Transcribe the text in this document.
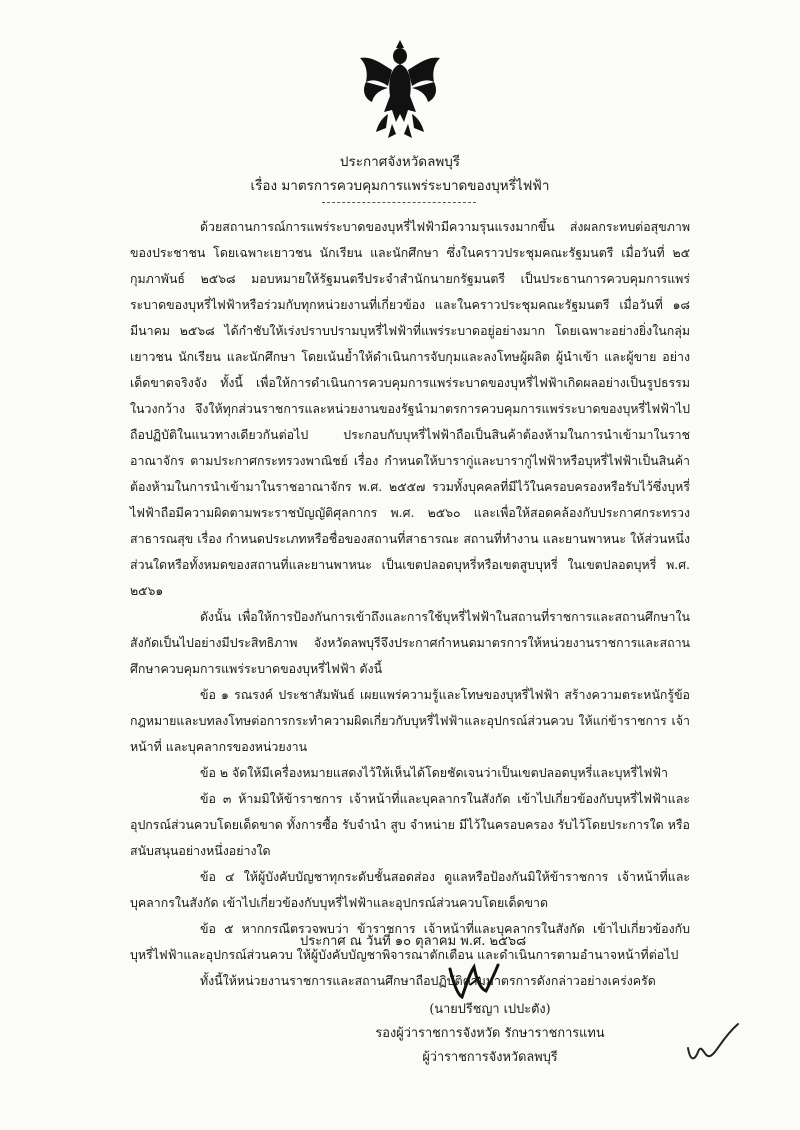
ประกาศจังหวัดลพบุรี
เรื่อง มาตรการควบคุมการแพร่ระบาดของบุหรี่ไฟฟ้า

ด้วยสถานการณ์การแพร่ระบาดของบุหรี่ไฟฟ้ามีความรุนแรงมากขึ้น ส่งผลกระทบต่อสุขภาพของประชาชน โดยเฉพาะเยาวชน นักเรียน และนักศึกษา ซึ่งในคราวประชุมคณะรัฐมนตรี เมื่อวันที่ ๒๕ กุมภาพันธ์ ๒๕๖๘ มอบหมายให้รัฐมนตรีประจำสำนักนายกรัฐมนตรี เป็นประธานการควบคุมการแพร่ระบาดของบุหรี่ไฟฟ้าหรือร่วมกับทุกหน่วยงานที่เกี่ยวข้อง และในคราวประชุมคณะรัฐมนตรี เมื่อวันที่ ๑๘ มีนาคม ๒๕๖๘ ได้กำชับให้เร่งปราบปรามบุหรี่ไฟฟ้าที่แพร่ระบาดอยู่อย่างมาก โดยเฉพาะอย่างยิ่งในกลุ่มเยาวชน นักเรียน และนักศึกษา โดยเน้นย้ำให้ดำเนินการจับกุมและลงโทษผู้ผลิต ผู้นำเข้า และผู้ขาย อย่างเด็ดขาดจริงจัง ทั้งนี้ เพื่อให้การดำเนินการควบคุมการแพร่ระบาดของบุหรี่ไฟฟ้าเกิดผลอย่างเป็นรูปธรรม ในวงกว้าง จึงให้ทุกส่วนราชการและหน่วยงานของรัฐนำมาตรการควบคุมการแพร่ระบาดของบุหรี่ไฟฟ้าไปถือปฏิบัติในแนวทางเดียวกันต่อไป ประกอบกับบุหรี่ไฟฟ้าถือเป็นสินค้าต้องห้ามในการนำเข้ามาในราชอาณาจักร ตามประกาศกระทรวงพาณิชย์ เรื่อง กำหนดให้บารากู่และบารากู่ไฟฟ้าหรือบุหรี่ไฟฟ้าเป็นสินค้าต้องห้ามในการนำเข้ามาในราชอาณาจักร พ.ศ. ๒๕๕๗ รวมทั้งบุคคลที่มีไว้ในครอบครองหรือรับไว้ซึ่งบุหรี่ไฟฟ้าถือมีความผิดตามพระราชบัญญัติศุลกากร พ.ศ. ๒๕๖๐ และเพื่อให้สอดคล้องกับประกาศกระทรวงสาธารณสุข เรื่อง กำหนดประเภทหรือชื่อของสถานที่สาธารณะ สถานที่ทำงาน และยานพาหนะ ให้ส่วนหนึ่งส่วนใดหรือทั้งหมดของสถานที่และยานพาหนะ เป็นเขตปลอดบุหรี่หรือเขตสูบบุหรี่ ในเขตปลอดบุหรี่ พ.ศ. ๒๕๖๑

ดังนั้น เพื่อให้การป้องกันการเข้าถึงและการใช้บุหรี่ไฟฟ้าในสถานที่ราชการและสถานศึกษาในสังกัดเป็นไปอย่างมีประสิทธิภาพ จังหวัดลพบุรีจึงประกาศกำหนดมาตรการให้หน่วยงานราชการและสถานศึกษาควบคุมการแพร่ระบาดของบุหรี่ไฟฟ้า ดังนี้

ข้อ ๑ รณรงค์ ประชาสัมพันธ์ เผยแพร่ความรู้และโทษของบุหรี่ไฟฟ้า สร้างความตระหนักรู้ข้อกฎหมายและบทลงโทษต่อการกระทำความผิดเกี่ยวกับบุหรี่ไฟฟ้าและอุปกรณ์ส่วนควบ ให้แก่ข้าราชการ เจ้าหน้าที่ และบุคลากรของหน่วยงาน

ข้อ ๒ จัดให้มีเครื่องหมายแสดงไว้ให้เห็นได้โดยชัดเจนว่าเป็นเขตปลอดบุหรี่และบุหรี่ไฟฟ้า

ข้อ ๓ ห้ามมิให้ข้าราชการ เจ้าหน้าที่และบุคลากรในสังกัด เข้าไปเกี่ยวข้องกับบุหรี่ไฟฟ้าและอุปกรณ์ส่วนควบโดยเด็ดขาด ทั้งการซื้อ รับจำนำ สูบ จำหน่าย มีไว้ในครอบครอง รับไว้โดยประการใด หรือสนับสนุนอย่างหนึ่งอย่างใด

ข้อ ๔ ให้ผู้บังคับบัญชาทุกระดับชั้นสอดส่อง ดูแลหรือป้องกันมิให้ข้าราชการ เจ้าหน้าที่และบุคลากรในสังกัด เข้าไปเกี่ยวข้องกับบุหรี่ไฟฟ้าและอุปกรณ์ส่วนควบโดยเด็ดขาด

ข้อ ๕ หากกรณีตรวจพบว่า ข้าราชการ เจ้าหน้าที่และบุคลากรในสังกัด เข้าไปเกี่ยวข้องกับบุหรี่ไฟฟ้าและอุปกรณ์ส่วนควบ ให้ผู้บังคับบัญชาพิจารณาตักเตือน และดำเนินการตามอำนาจหน้าที่ต่อไป

ทั้งนี้ให้หน่วยงานราชการและสถานศึกษาถือปฏิบัติตามมาตรการดังกล่าวอย่างเคร่งครัด

ประกาศ ณ วันที่ ๑๐ ตุลาคม พ.ศ. ๒๕๖๘
(นายปรีชญา เปปะตัง)
รองผู้ว่าราชการจังหวัด รักษาราชการแทน
ผู้ว่าราชการจังหวัดลพบุรี
